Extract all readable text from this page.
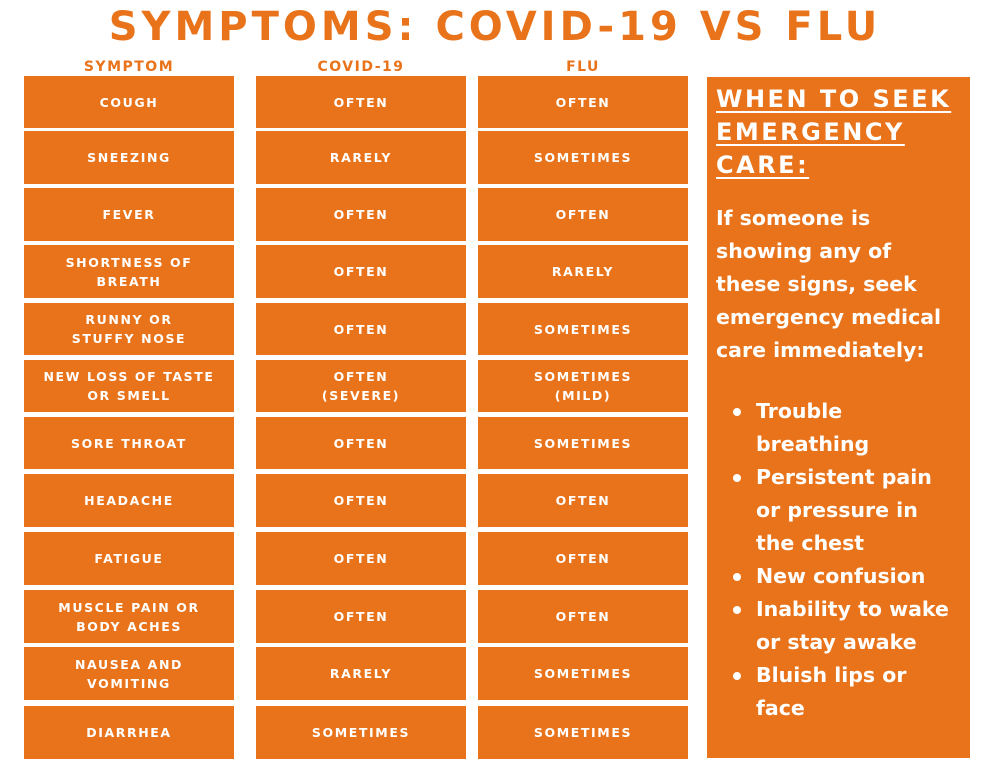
SYMPTOMS: COVID-19 VS FLU
SYMPTOM	COVID-19	FLU
COUGH
SNEEZING
FEVER
SHORTNESS OF
BREATH
RUNNY OR
STUFFY NOSE
NEW LOSS OF TASTE
OR SMELL
SORE THROAT
HEADACHE
FATIGUE
MUSCLE PAIN OR
BODY ACHES
NAUSEA AND
VOMITING
DIARRHEA
OFTEN
RARELY
OFTEN
OFTEN
OFTEN
OFTEN
(SEVERE)
OFTEN
OFTEN
OFTEN
OFTEN
RARELY
SOMETIMES
OFTEN
SOMETIMES
OFTEN
RARELY
SOMETIMES
SOMETIMES
(MILD)
SOMETIMES
OFTEN
OFTEN
OFTEN
SOMETIMES
SOMETIMES
WHEN TO SEEK
EMERGENCY
CARE:
If someone is showing any of these signs, seek emergency medical care immediately:
Trouble breathing
Persistent pain or pressure in the chest
New confusion
Inability to wake or stay awake
Bluish lips or face
